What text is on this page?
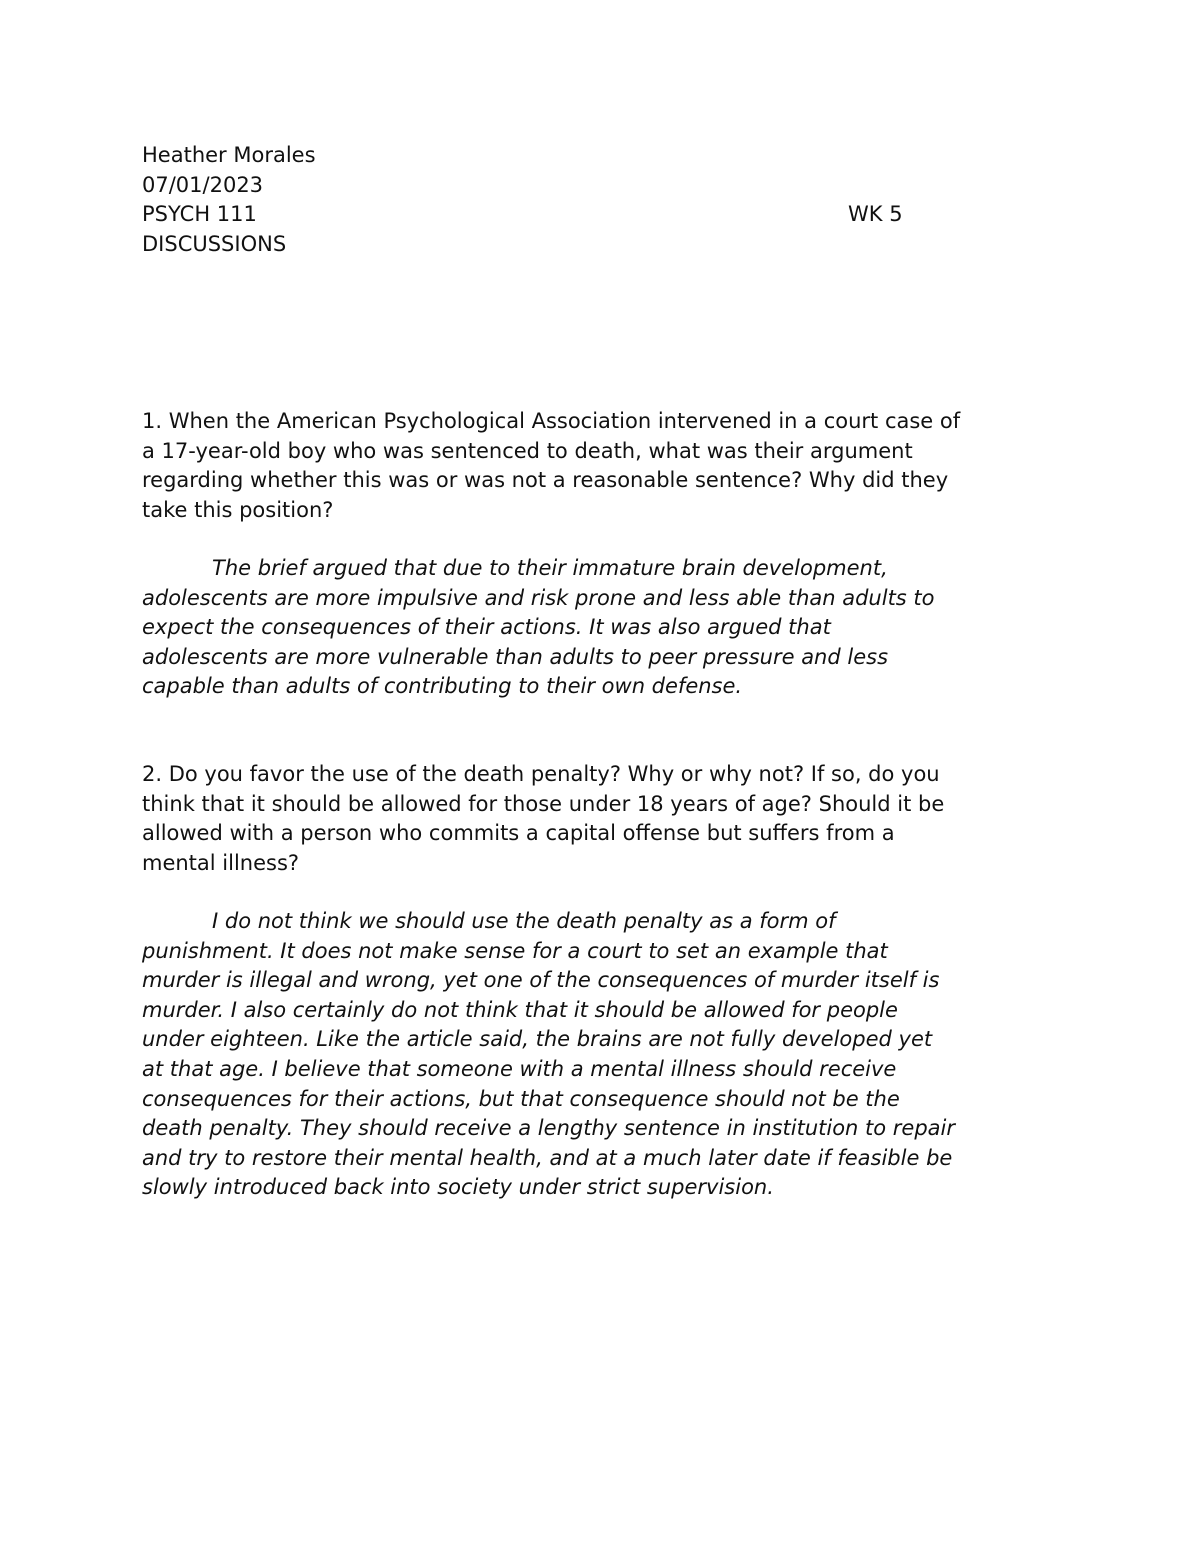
Heather Morales
07/01/2023
PSYCH 111	WK 5
DISCUSSIONS
1. When the American Psychological Association intervened in a court case of
a 17-year-old boy who was sentenced to death, what was their argument
regarding whether this was or was not a reasonable sentence? Why did they
take this position?
The brief argued that due to their immature brain development,
adolescents are more impulsive and risk prone and less able than adults to
expect the consequences of their actions. It was also argued that
adolescents are more vulnerable than adults to peer pressure and less
capable than adults of contributing to their own defense.
2. Do you favor the use of the death penalty? Why or why not? If so, do you
think that it should be allowed for those under 18 years of age? Should it be
allowed with a person who commits a capital offense but suffers from a
mental illness?
I do not think we should use the death penalty as a form of
punishment. It does not make sense for a court to set an example that
murder is illegal and wrong, yet one of the consequences of murder itself is
murder. I also certainly do not think that it should be allowed for people
under eighteen. Like the article said, the brains are not fully developed yet
at that age. I believe that someone with a mental illness should receive
consequences for their actions, but that consequence should not be the
death penalty. They should receive a lengthy sentence in institution to repair
and try to restore their mental health, and at a much later date if feasible be
slowly introduced back into society under strict supervision.
